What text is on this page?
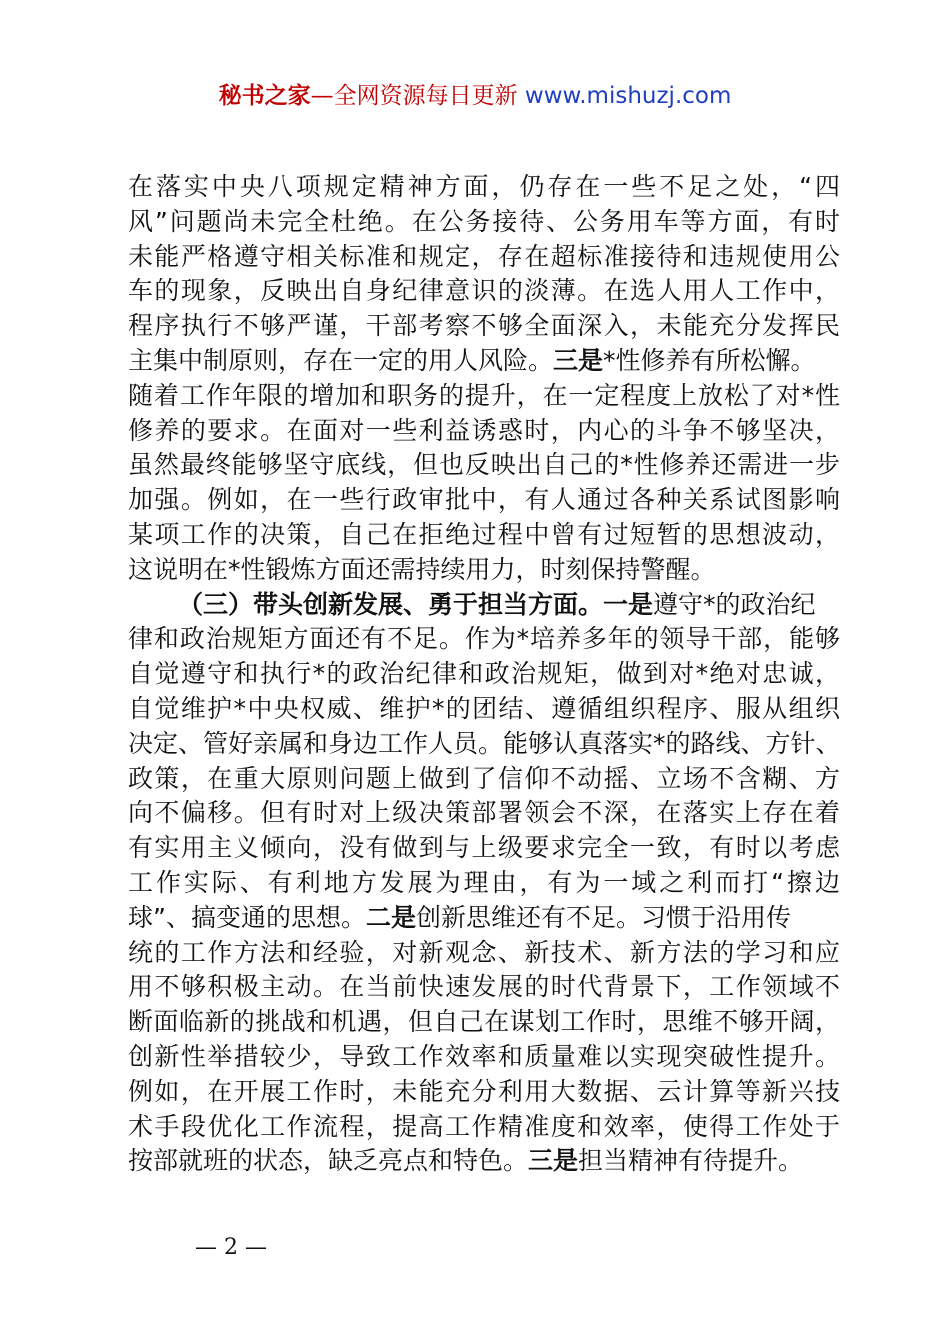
秘书之家—全网资源每日更新 www.mishuzj.com
在落实中央八项规定精神方面，仍存在一些不足之处，“四
风”问题尚未完全杜绝。在公务接待、公务用车等方面，有时
未能严格遵守相关标准和规定，存在超标准接待和违规使用公
车的现象，反映出自身纪律意识的淡薄。在选人用人工作中，
程序执行不够严谨，干部考察不够全面深入，未能充分发挥民
主集中制原则，存在一定的用人风险。三是*性修养有所松懈。
随着工作年限的增加和职务的提升，在一定程度上放松了对*性
修养的要求。在面对一些利益诱惑时，内心的斗争不够坚决，
虽然最终能够坚守底线，但也反映出自己的*性修养还需进一步
加强。例如，在一些行政审批中，有人通过各种关系试图影响
某项工作的决策，自己在拒绝过程中曾有过短暂的思想波动，
这说明在*性锻炼方面还需持续用力，时刻保持警醒。
（三）带头创新发展、勇于担当方面。一是遵守*的政治纪
律和政治规矩方面还有不足。作为*培养多年的领导干部，能够
自觉遵守和执行*的政治纪律和政治规矩，做到对*绝对忠诚，
自觉维护*中央权威、维护*的团结、遵循组织程序、服从组织
决定、管好亲属和身边工作人员。能够认真落实*的路线、方针、
政策，在重大原则问题上做到了信仰不动摇、立场不含糊、方
向不偏移。但有时对上级决策部署领会不深，在落实上存在着
有实用主义倾向，没有做到与上级要求完全一致，有时以考虑
工作实际、有利地方发展为理由，有为一域之利而打“擦边
球”、搞变通的思想。二是创新思维还有不足。习惯于沿用传
统的工作方法和经验，对新观念、新技术、新方法的学习和应
用不够积极主动。在当前快速发展的时代背景下，工作领域不
断面临新的挑战和机遇，但自己在谋划工作时，思维不够开阔，
创新性举措较少，导致工作效率和质量难以实现突破性提升。
例如，在开展工作时，未能充分利用大数据、云计算等新兴技
术手段优化工作流程，提高工作精准度和效率，使得工作处于
按部就班的状态，缺乏亮点和特色。三是担当精神有待提升。
— 2 —
